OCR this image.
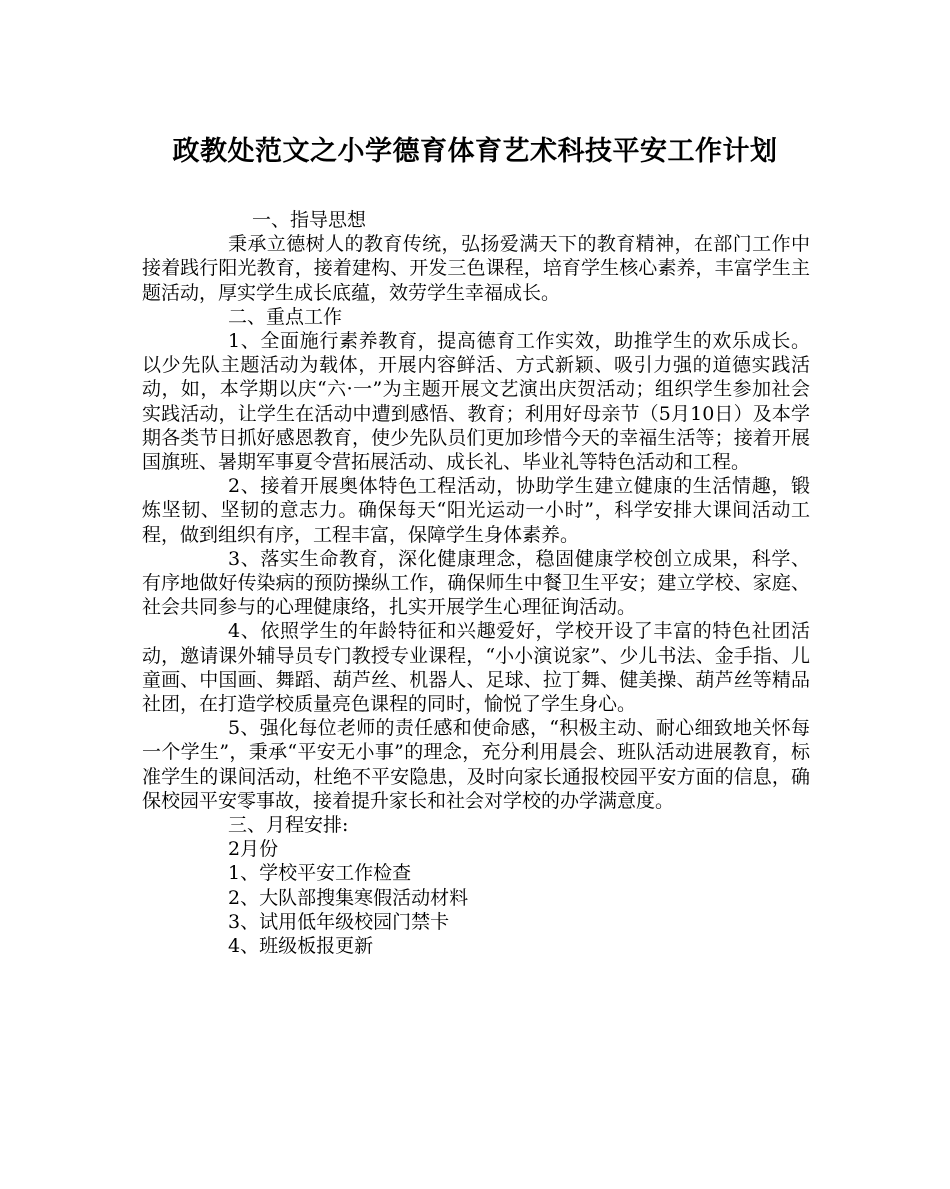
政教处范文之小学德育体育艺术科技平安工作计划

一、指导思想

秉承立德树人的教育传统，弘扬爱满天下的教育精神，在部门工作中接着践行阳光教育，接着建构、开发三色课程，培育学生核心素养，丰富学生主题活动，厚实学生成长底蕴，效劳学生幸福成长。

二、重点工作

1、全面施行素养教育，提高德育工作实效，助推学生的欢乐成长。以少先队主题活动为载体，开展内容鲜活、方式新颖、吸引力强的道德实践活动，如，本学期以庆“六·一”为主题开展文艺演出庆贺活动；组织学生参加社会实践活动，让学生在活动中遭到感悟、教育；利用好母亲节（5月10日）及本学期各类节日抓好感恩教育，使少先队员们更加珍惜今天的幸福生活等；接着开展国旗班、暑期军事夏令营拓展活动、成长礼、毕业礼等特色活动和工程。

2、接着开展奥体特色工程活动，协助学生建立健康的生活情趣，锻炼坚韧、坚韧的意志力。确保每天“阳光运动一小时”，科学安排大课间活动工程，做到组织有序，工程丰富，保障学生身体素养。

3、落实生命教育，深化健康理念，稳固健康学校创立成果，科学、有序地做好传染病的预防操纵工作，确保师生中餐卫生平安；建立学校、家庭、社会共同参与的心理健康络，扎实开展学生心理征询活动。

4、依照学生的年龄特征和兴趣爱好，学校开设了丰富的特色社团活动，邀请课外辅导员专门教授专业课程，“小小演说家”、少儿书法、金手指、儿童画、中国画、舞蹈、葫芦丝、机器人、足球、拉丁舞、健美操、葫芦丝等精品社团，在打造学校质量亮色课程的同时，愉悦了学生身心。

5、强化每位老师的责任感和使命感，“积极主动、耐心细致地关怀每一个学生”，秉承“平安无小事”的理念，充分利用晨会、班队活动进展教育，标准学生的课间活动，杜绝不平安隐患，及时向家长通报校园平安方面的信息，确保校园平安零事故，接着提升家长和社会对学校的办学满意度。

三、月程安排:

2月份

1、学校平安工作检查

2、大队部搜集寒假活动材料

3、试用低年级校园门禁卡

4、班级板报更新
